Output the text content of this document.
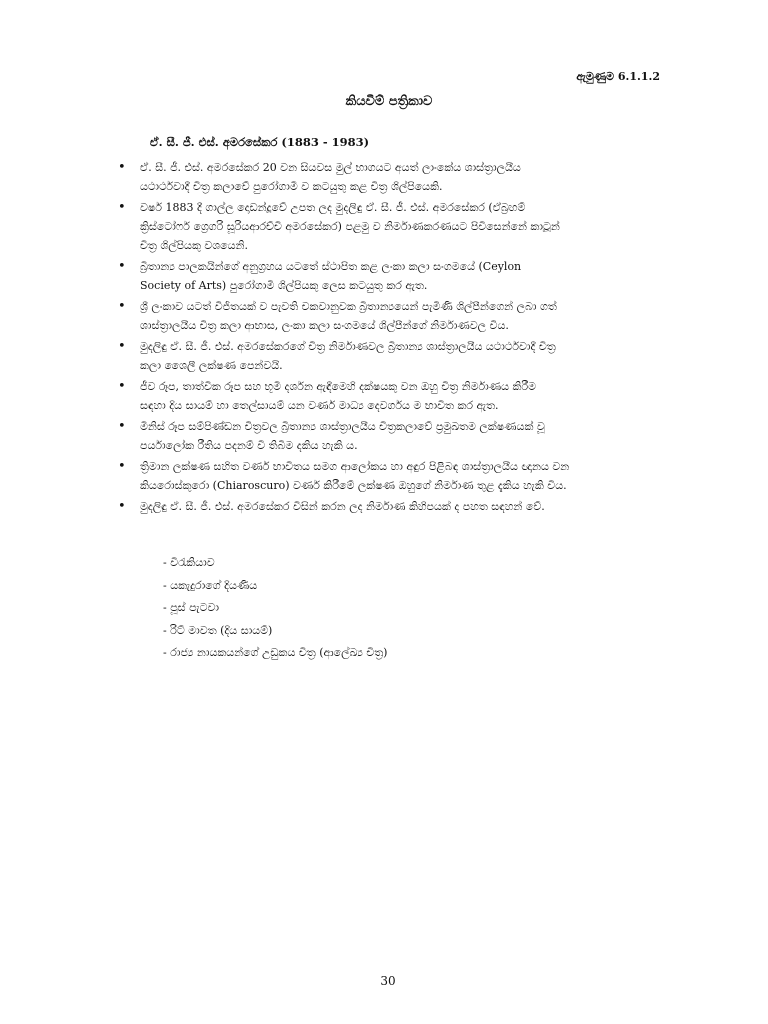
ඇමුණුම 6.1.1.2
කියවීම් පත්‍රිකාව
ඒ. සී. ජී. එස්. අමරසේකර (1883 - 1983)
• ඒ. සී. ජී. එස්. අමරසේකර 20 වන සියවස මුල් භාගයට අයත් ලාංකේය ශාස්ත්‍රාලයීය
යථාර්ථවාදී චිත්‍ර කලාවේ පුරෝගාමී ව කටයුතු කළ චිත්‍ර ශිල්පියෙකි.
• වර්ෂ 1883 දී ගාල්ල දොඩන්දූවේ උපත ලද මුදලිඳු ඒ. සී. ජී. එස්. අමරසේකර (ඒබ්‍රහම්
ක්‍රිස්ටෝෆර් ග්‍රෙගරි සූරියආරච්චි අමරසේකර) පළමු ව නිර්මාණකරණයට පිවිසෙන්නේ කාටූන්
චිත්‍ර ශිල්පියකු වශයෙනි.
• බ්‍රිතාන්‍ය පාලකයින්ගේ අනුග්‍රහය යටතේ ස්ථාපිත කළ ලංකා කලා සංගමයේ (Ceylon
Society of Arts) පුරෝගාමී ශිල්පියකු ලෙස කටයුතු කර ඇත.
• ශ්‍රී ලංකාව යටත් විජිතයක් ව පැවති චකවානුවක බ්‍රිතාන්‍යයෙන් පැමිණි ශිල්පීන්ගෙන් ලබා ගත්
ශාස්ත්‍රාලයීය චිත්‍ර කලා ආභාස, ලංකා කලා සංගමයේ ශිල්පීන්ගේ නිර්මාණවල විය.
• මුදලිඳු ඒ. සී. ජී. එස්. අමරසේකරගේ චිත්‍ර නිර්මාණවල බ්‍රිතාන්‍ය ශාස්ත්‍රාලයීය යථාර්ථවාදී චිත්‍ර
කලා ශෛලී ලක්ෂණ පෙන්වයි.
• ජීව රූප, තාත්වික රූප සහ භූමි දර්ශන ඇඳීමෙහි දක්ෂයකු වන ඔහු චිත්‍ර නිර්මාණය කිරීම
සඳහා දිය සායම් හා තෙල්සායම් යන වර්ණ මාධ්‍ය දෙවර්ගය ම භාවිත කර ඇත.
• මිනිස් රූප සම්පිණ්ඩන චිත්‍රවල බ්‍රිතාන්‍ය ශාස්ත්‍රාලයීය චිත්‍රකලාවේ ප්‍රමුඛතම ලක්ෂණයක් වූ
පර්යාලෝක රීතිය පදනම් වී තිබීම දකිය හැකි ය.
• ත්‍රිමාන ලක්ෂණ සහිත වර්ණ භාවිතය සමග ආලෝකය හා අඳුර පිළිබඳ ශාස්ත්‍රාලයීය ඥානය වන
කියරොස්කුරො (Chiaroscuro) වර්ණ කිරීමේ ලක්ෂණ ඔහුගේ නිර්මාණ තුළ දැකිය හැකි විය.
• මුදලිඳු ඒ. සී. ජී. එස්. අමරසේකර විසින් කරන ලද නිර්මාණ කිහිපයක් ද පහත සඳහන් වේ.
- විරැකියාව
- යකැදුරාගේ දියණිය
- පූස් පැටවා
- රිට් මාවත (දිය සායම්)
- රාජ්‍ය නායකයන්ගේ උඩුකය චිත්‍ර (ආලේඛ්‍ය චිත්‍ර)
30
